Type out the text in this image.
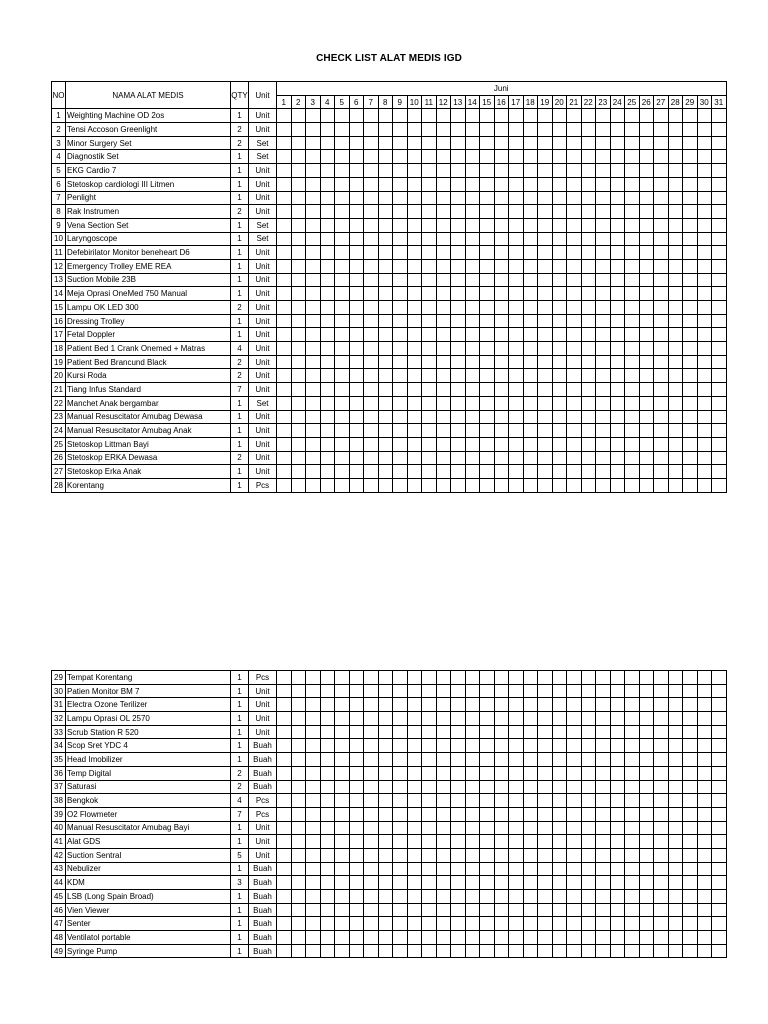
CHECK LIST ALAT MEDIS IGD
NO	NAMA ALAT MEDIS	QTY	Unit	Juni																														
				1	2	3	4	5	6	7	8	9	10	11	12	13	14	15	16	17	18	19	20	21	22	23	24	25	26	27	28	29	30	31
1	Weighting Machine OD 2os	1	Unit																															
2	Tensi Accoson Greenlight	2	Unit																															
3	Minor Surgery Set	2	Set																															
4	Diagnostik Set	1	Set																															
5	EKG Cardio 7	1	Unit																															
6	Stetoskop cardiologi III Litmen	1	Unit																															
7	Penlight	1	Unit																															
8	Rak Instrumen	2	Unit																															
9	Vena Section Set	1	Set																															
10	Laryngoscope	1	Set																															
11	Defebirilator Monitor beneheart D6	1	Unit																															
12	Emergency Trolley EME REA	1	Unit																															
13	Suction Mobile 23B	1	Unit																															
14	Meja Oprasi OneMed 750 Manual	1	Unit																															
15	Lampu OK LED 300	2	Unit																															
16	Dressing Trolley	1	Unit																															
17	Fetal Doppler	1	Unit																															
18	Patient Bed 1 Crank Onemed + Matras	4	Unit																															
19	Patient Bed Brancund Black	2	Unit																															
20	Kursi Roda	2	Unit																															
21	Tiang Infus Standard	7	Unit																															
22	Manchet Anak bergambar	1	Set																															
23	Manual Resuscitator Amubag Dewasa	1	Unit																															
24	Manual Resuscitator Amubag Anak	1	Unit																															
25	Stetoskop Littman Bayi	1	Unit																															
26	Stetoskop ERKA Dewasa	2	Unit																															
27	Stetoskop Erka Anak	1	Unit																															
28	Korentang	1	Pcs																															
29	Tempat Korentang	1	Pcs																															
30	Patien Monitor BM 7	1	Unit																															
31	Electra Ozone Terilizer	1	Unit																															
32	Lampu Oprasi OL 2570	1	Unit																															
33	Scrub Station R 520	1	Unit																															
34	Scop Sret YDC 4	1	Buah																															
35	Head Imobilizer	1	Buah																															
36	Temp Digital	2	Buah																															
37	Saturasi	2	Buah																															
38	Bengkok	4	Pcs																															
39	O2 Flowmeter	7	Pcs																															
40	Manual Resuscitator Amubag Bayi	1	Unit																															
41	Alat GDS	1	Unit																															
42	Suction Sentral	5	Unit																															
43	Nebulizer	1	Buah																															
44	KDM	3	Buah																															
45	LSB (Long Spain Broad)	1	Buah																															
46	Vien Viewer	1	Buah																															
47	Senter	1	Buah																															
48	Ventilatol portable	1	Buah																															
49	Syringe Pump	1	Buah																															
